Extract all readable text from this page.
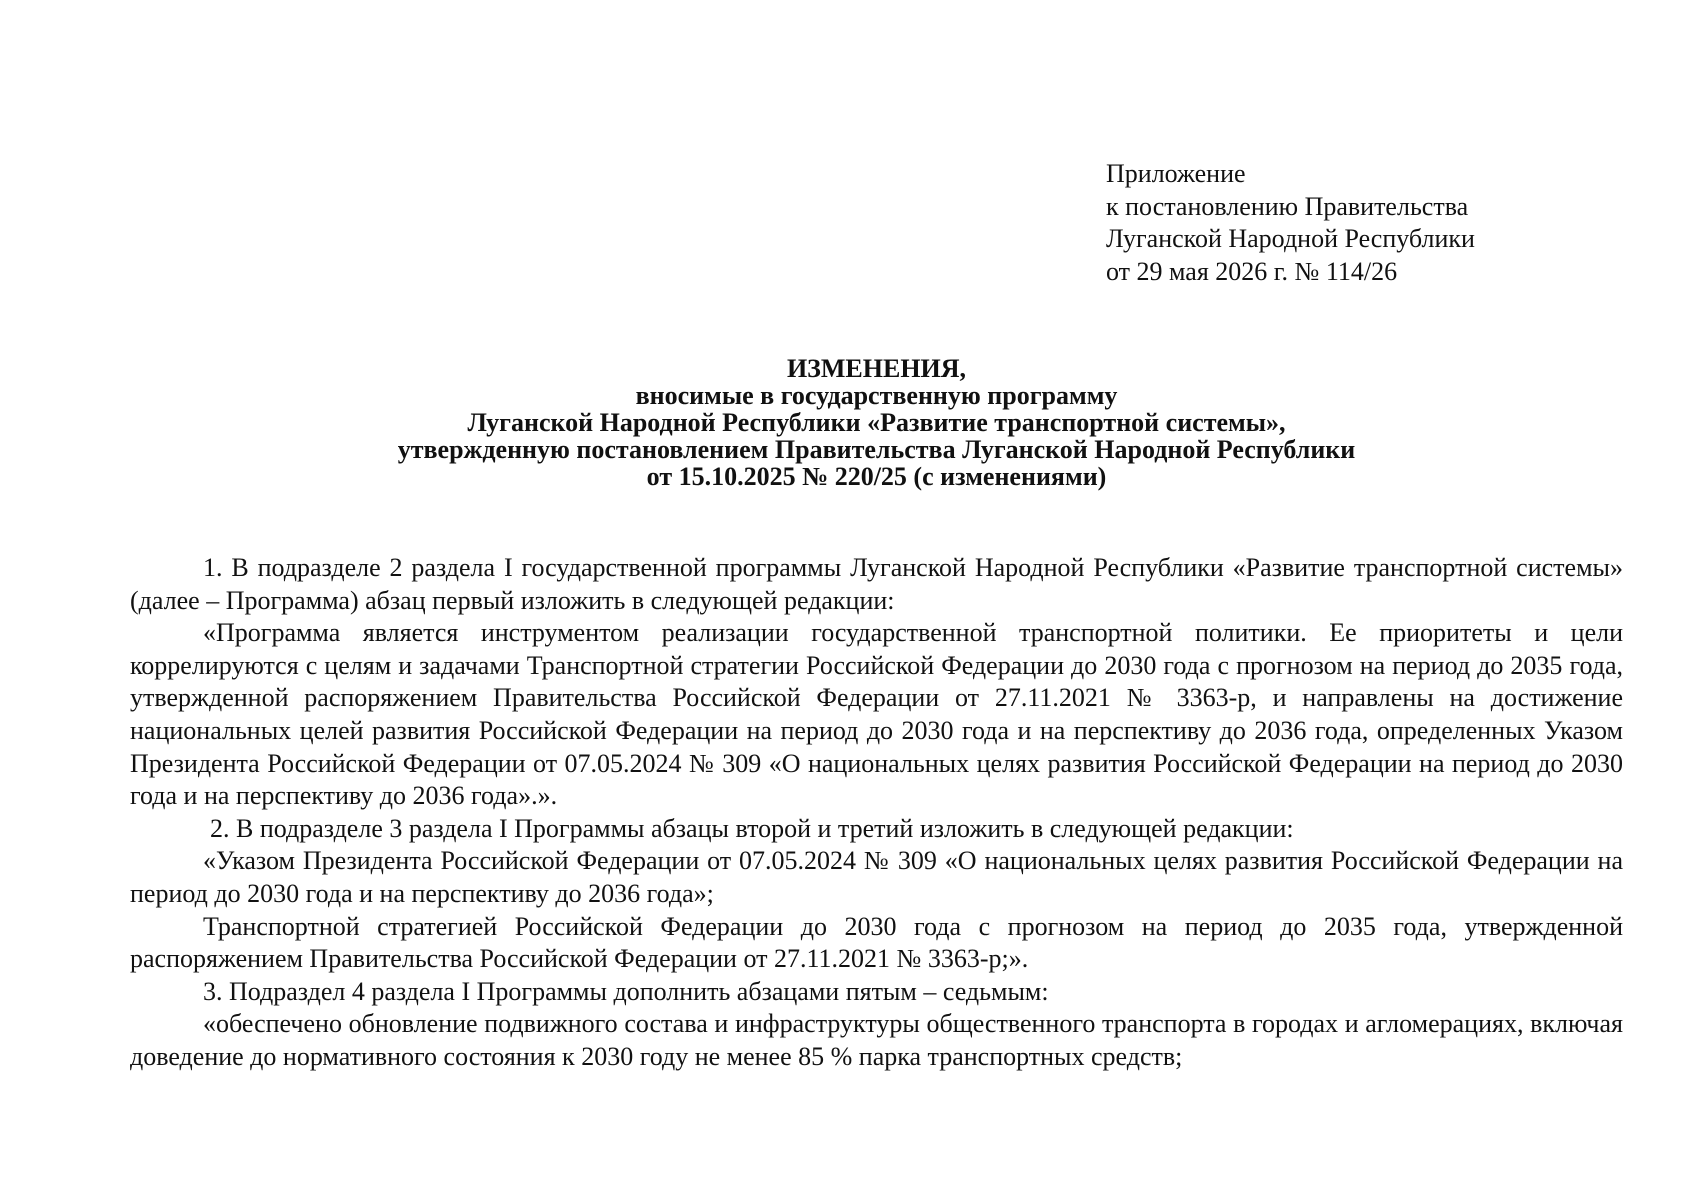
Приложение
к постановлению Правительства
Луганской Народной Республики
от 29 мая 2026 г. № 114/26
ИЗМЕНЕНИЯ,
вносимые в государственную программу
Луганской Народной Республики «Развитие транспортной системы»,
утвержденную постановлением Правительства Луганской Народной Республики
от 15.10.2025 № 220/25 (с изменениями)

1. В подразделе 2 раздела I государственной программы Луганской Народной Республики «Развитие транспортной системы» (далее – Программа) абзац первый изложить в следующей редакции:

«Программа является инструментом реализации государственной транспортной политики. Ее приоритеты и цели коррелируются с целям и задачами Транспортной стратегии Российской Федерации до 2030 года с прогнозом на период до 2035 года, утвержденной распоряжением Правительства Российской Федерации от 27.11.2021 № 3363-р, и направлены на достижение национальных целей развития Российской Федерации на период до 2030 года и на перспективу до 2036 года, определенных Указом Президента Российской Федерации от 07.05.2024 № 309 «О национальных целях развития Российской Федерации на период до 2030 года и на перспективу до 2036 года».».

2. В подразделе 3 раздела I Программы абзацы второй и третий изложить в следующей редакции:

«Указом Президента Российской Федерации от 07.05.2024 № 309 «О национальных целях развития Российской Федерации на период до 2030 года и на перспективу до 2036 года»;

Транспортной стратегией Российской Федерации до 2030 года с прогнозом на период до 2035 года, утвержденной распоряжением Правительства Российской Федерации от 27.11.2021 № 3363-р;».

3. Подраздел 4 раздела I Программы дополнить абзацами пятым – седьмым:

«обеспечено обновление подвижного состава и инфраструктуры общественного транспорта в городах и агломерациях, включая доведение до нормативного состояния к 2030 году не менее 85 % парка транспортных средств;
